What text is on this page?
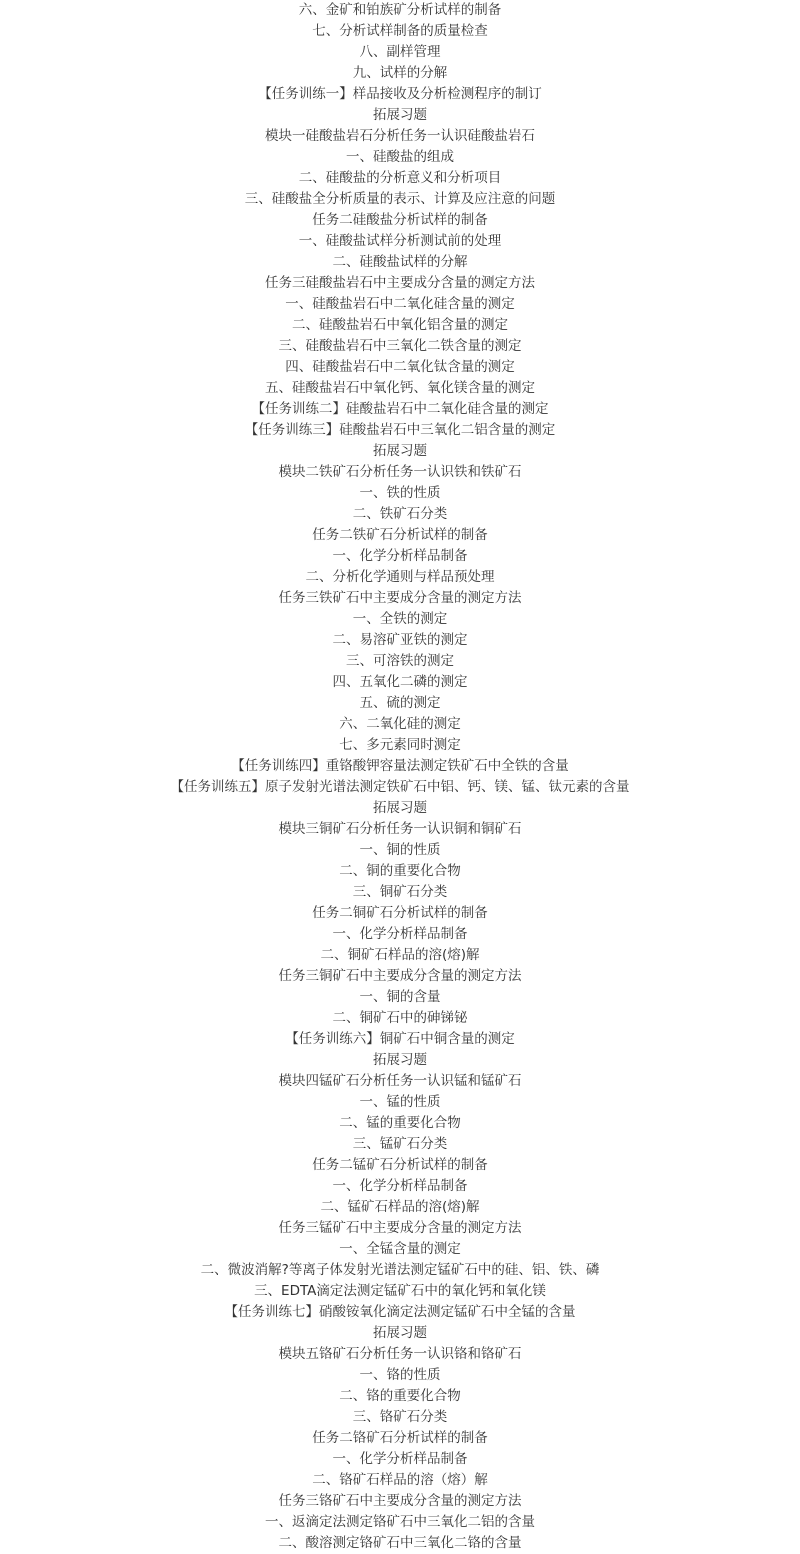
六、金矿和铂族矿分析试样的制备
七、分析试样制备的质量检查
八、副样管理
九、试样的分解
【任务训练一】样品接收及分析检测程序的制订
拓展习题
模块一硅酸盐岩石分析任务一认识硅酸盐岩石
一、硅酸盐的组成
二、硅酸盐的分析意义和分析项目
三、硅酸盐全分析质量的表示、计算及应注意的问题
任务二硅酸盐分析试样的制备
一、硅酸盐试样分析测试前的处理
二、硅酸盐试样的分解
任务三硅酸盐岩石中主要成分含量的测定方法
一、硅酸盐岩石中二氧化硅含量的测定
二、硅酸盐岩石中氧化铝含量的测定
三、硅酸盐岩石中三氧化二铁含量的测定
四、硅酸盐岩石中二氧化钛含量的测定
五、硅酸盐岩石中氧化钙、氧化镁含量的测定
【任务训练二】硅酸盐岩石中二氧化硅含量的测定
【任务训练三】硅酸盐岩石中三氧化二铝含量的测定
拓展习题
模块二铁矿石分析任务一认识铁和铁矿石
一、铁的性质
二、铁矿石分类
任务二铁矿石分析试样的制备
一、化学分析样品制备
二、分析化学通则与样品预处理
任务三铁矿石中主要成分含量的测定方法
一、全铁的测定
二、易溶矿亚铁的测定
三、可溶铁的测定
四、五氧化二磷的测定
五、硫的测定
六、二氧化硅的测定
七、多元素同时测定
【任务训练四】重铬酸钾容量法测定铁矿石中全铁的含量
【任务训练五】原子发射光谱法测定铁矿石中铝、钙、镁、锰、钛元素的含量
拓展习题
模块三铜矿石分析任务一认识铜和铜矿石
一、铜的性质
二、铜的重要化合物
三、铜矿石分类
任务二铜矿石分析试样的制备
一、化学分析样品制备
二、铜矿石样品的溶(熔)解
任务三铜矿石中主要成分含量的测定方法
一、铜的含量
二、铜矿石中的砷锑铋
【任务训练六】铜矿石中铜含量的测定
拓展习题
模块四锰矿石分析任务一认识锰和锰矿石
一、锰的性质
二、锰的重要化合物
三、锰矿石分类
任务二锰矿石分析试样的制备
一、化学分析样品制备
二、锰矿石样品的溶(熔)解
任务三锰矿石中主要成分含量的测定方法
一、全锰含量的测定
二、微波消解?等离子体发射光谱法测定锰矿石中的硅、铝、铁、磷
三、EDTA滴定法测定锰矿石中的氧化钙和氧化镁
【任务训练七】硝酸铵氧化滴定法测定锰矿石中全锰的含量
拓展习题
模块五铬矿石分析任务一认识铬和铬矿石
一、铬的性质
二、铬的重要化合物
三、铬矿石分类
任务二铬矿石分析试样的制备
一、化学分析样品制备
二、铬矿石样品的溶（熔）解
任务三铬矿石中主要成分含量的测定方法
一、返滴定法测定铬矿石中三氧化二铝的含量
二、酸溶测定铬矿石中三氧化二铬的含量
